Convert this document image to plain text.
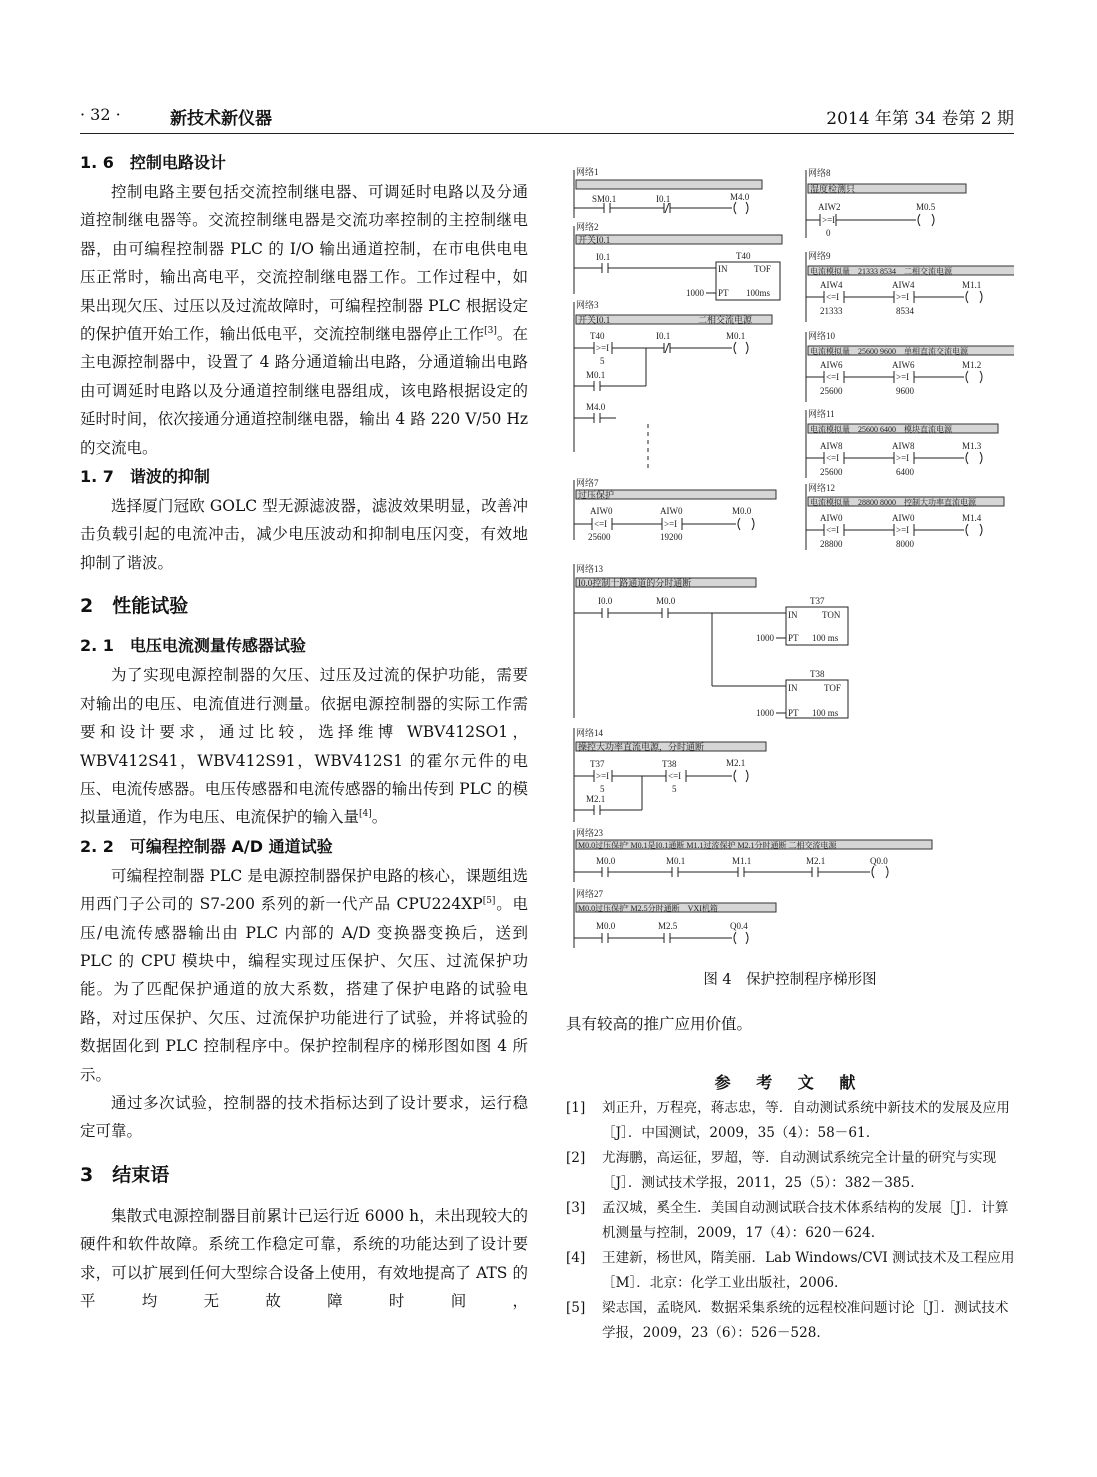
· 32 ·	新技术新仪器	2014 年第 34 卷第 2 期
1. 6　控制电路设计

控制电路主要包括交流控制继电器、可调延时电路以及分通道控制继电器等。交流控制继电器是交流功率控制的主控制继电器，由可编程控制器 PLC 的 I/O 输出通道控制，在市电供电电压正常时，输出高电平，交流控制继电器工作。工作过程中，如果出现欠压、过压以及过流故障时，可编程控制器 PLC 根据设定的保护值开始工作，输出低电平，交流控制继电器停止工作[3]。在主电源控制器中，设置了 4 路分通道输出电路，分通道输出电路由可调延时电路以及分通道控制继电器组成，该电路根据设定的延时时间，依次接通分通道控制继电器，输出 4 路 220 V/50 Hz 的交流电。

1. 7　谐波的抑制

选择厦门冠欧 GOLC 型无源滤波器，滤波效果明显，改善冲击负载引起的电流冲击，减少电压波动和抑制电压闪变，有效地抑制了谐波。

2　性能试验
2. 1　电压电流测量传感器试验

为了实现电源控制器的欠压、过压及过流的保护功能，需要对输出的电压、电流值进行测量。依据电源控制器的实际工作需要和设计要求，通过比较，选择维博 WBV412SO1，WBV412S41，WBV412S91，WBV412S1 的霍尔元件的电压、电流传感器。电压传感器和电流传感器的输出传到 PLC 的模拟量通道，作为电压、电流保护的输入量[4]。

2. 2　可编程控制器 A/D 通道试验

可编程控制器 PLC 是电源控制器保护电路的核心，课题组选用西门子公司的 S7-200 系列的新一代产品 CPU224XP[5]。电压/电流传感器输出由 PLC 内部的 A/D 变换器变换后，送到 PLC 的 CPU 模块中，编程实现过压保护、欠压、过流保护功能。为了匹配保护通道的放大系数，搭建了保护电路的试验电路，对过压保护、欠压、过流保护功能进行了试验，并将试验的数据固化到 PLC 控制程序中。保护控制程序的梯形图如图 4 所示。

通过多次试验，控制器的技术指标达到了设计要求，运行稳定可靠。

3　结束语

集散式电源控制器目前累计已运行近 6000 h，未出现较大的硬件和软件故障。系统工作稳定可靠，系统的功能达到了设计要求，可以扩展到任何大型综合设备上使用，有效地提高了 ATS 的平均无故障时间，

网络1
SM0.1	I0.1	M4.0
网络2
开关I0.1
I0.1	T40
IN	TOF
1000 PT 100ms
网络3
开关I0.1	二相交流电源
T40
>=I
5
I0.1	M0.1
M0.1
M4.0
网络7
过压保护
AIW0
<=I
25600
AIW0
>=I
19200
M0.0
网络8
湿度检测只
AIW2
>=I
0
M0.5
网络9
电流模拟量　21333 8534　二相交流电源
AIW4
<=I
21333
AIW4
>=I
8534
M1.1
网络10
电流模拟量　25600 9600　单相直流交流电源
AIW6
<=I
25600
AIW6
>=I
9600
M1.2
网络11
电流模拟量　25600 6400　模块直流电源
AIW8
<=I
25600
AIW8
>=I
6400
M1.3
网络12
电流模拟量　28800 8000　控制大功率直流电源
AIW0
<=I
28800
AIW0
>=I
8000
M1.4
网络13
I0.0控制十路通道的分时通断
I0.0	M0.0	T37
IN	TON
1000 PT 100 ms
T38
IN	TOF
1000 PT 100 ms
网络14
操控大功率直流电源，分时通断
T37
>=I
5
T38
<=I
5
M2.1
M2.1
网络23
M0.0过压保护' M0.1是I0.1通断 M1.1过流保护 M2.1分时通断 二相交流电源
M0.0	M0.1	M1.1	M2.1	Q0.0
网络27
M0.0过压保护' M2.5分时通断　VXI机箱
M0.0	M2.5	Q0.4
图 4　保护控制程序梯形图
具有较高的推广应用价值。
参 考 文 献
[1] 刘正升，万程亮，蒋志忠，等．自动测试系统中新技术的发展及应用［J］．中国测试，2009，35（4）：58－61.
[2] 尤海鹏，高运征，罗超，等．自动测试系统完全计量的研究与实现［J］．测试技术学报，2011，25（5）：382－385.
[3] 孟汉城，奚全生．美国自动测试联合技术体系结构的发展［J］．计算机测量与控制，2009，17（4）：620－624.
[4] 王建新，杨世风，隋美丽．Lab Windows/CVI 测试技术及工程应用［M］．北京：化学工业出版社，2006.
[5] 梁志国，孟晓风．数据采集系统的远程校准问题讨论［J］．测试技术学报，2009，23（6）：526－528.
